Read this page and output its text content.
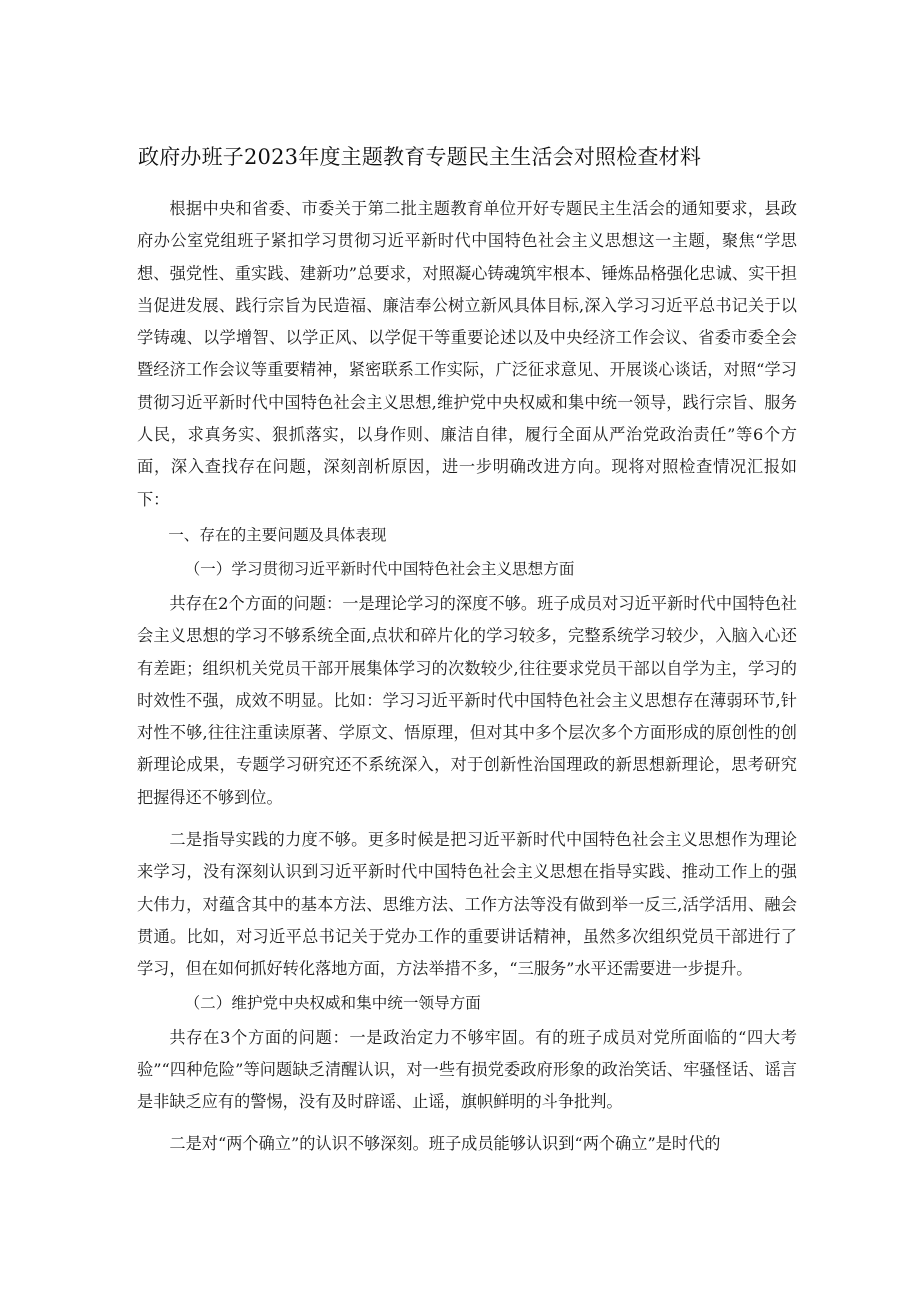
政府办班子2023年度主题教育专题民主生活会对照检查材料

根据中央和省委、市委关于第二批主题教育单位开好专题民主生活会的通知要求，县政府办公室党组班子紧扣学习贯彻习近平新时代中国特色社会主义思想这一主题，聚焦“学思想、强党性、重实践、建新功”总要求，对照凝心铸魂筑牢根本、锤炼品格强化忠诚、实干担当促进发展、践行宗旨为民造福、廉洁奉公树立新风具体目标,深入学习习近平总书记关于以学铸魂、以学增智、以学正风、以学促干等重要论述以及中央经济工作会议、省委市委全会暨经济工作会议等重要精神，紧密联系工作实际，广泛征求意见、开展谈心谈话，对照“学习贯彻习近平新时代中国特色社会主义思想,维护党中央权威和集中统一领导，践行宗旨、服务人民，求真务实、狠抓落实，以身作则、廉洁自律，履行全面从严治党政治责任”等6个方面，深入查找存在问题，深刻剖析原因，进一步明确改进方向。现将对照检查情况汇报如下：

一、存在的主要问题及具体表现

（一）学习贯彻习近平新时代中国特色社会主义思想方面

共存在2个方面的问题：一是理论学习的深度不够。班子成员对习近平新时代中国特色社会主义思想的学习不够系统全面,点状和碎片化的学习较多，完整系统学习较少，入脑入心还有差距；组织机关党员干部开展集体学习的次数较少,往往要求党员干部以自学为主，学习的时效性不强，成效不明显。比如：学习习近平新时代中国特色社会主义思想存在薄弱环节,针对性不够,往往注重读原著、学原文、悟原理，但对其中多个层次多个方面形成的原创性的创新理论成果，专题学习研究还不系统深入，对于创新性治国理政的新思想新理论，思考研究把握得还不够到位。

二是指导实践的力度不够。更多时候是把习近平新时代中国特色社会主义思想作为理论来学习，没有深刻认识到习近平新时代中国特色社会主义思想在指导实践、推动工作上的强大伟力，对蕴含其中的基本方法、思维方法、工作方法等没有做到举一反三,活学活用、融会贯通。比如，对习近平总书记关于党办工作的重要讲话精神，虽然多次组织党员干部进行了学习，但在如何抓好转化落地方面，方法举措不多，“三服务”水平还需要进一步提升。

（二）维护党中央权威和集中统一领导方面

共存在3个方面的问题：一是政治定力不够牢固。有的班子成员对党所面临的“四大考验”“四种危险”等问题缺乏清醒认识，对一些有损党委政府形象的政治笑话、牢骚怪话、谣言是非缺乏应有的警惕，没有及时辟谣、止谣，旗帜鲜明的斗争批判。

二是对“两个确立”的认识不够深刻。班子成员能够认识到“两个确立”是时代的
